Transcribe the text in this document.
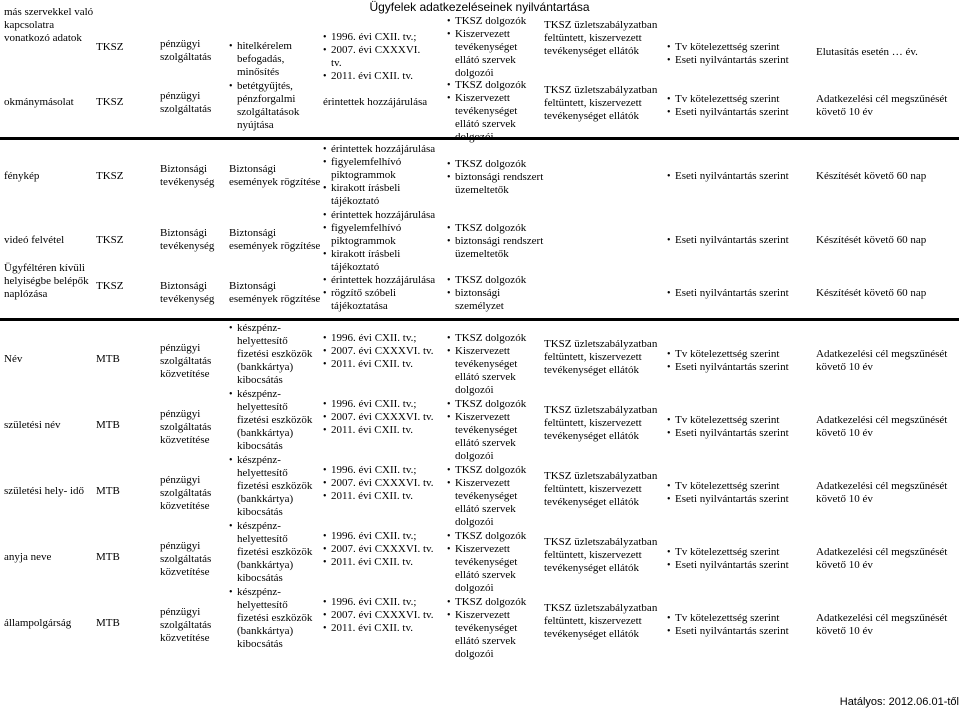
Ügyfelek adatkezeléseinek nyilvántartása
más szervekkel való kapcsolatra vonatkozó adatok
TKSZ	pénzügyi szolgáltatás
• hitelkérelem befogadás, minősítés
• 1996. évi CXII. tv.;
• 2007. évi CXXXVI. tv.
• 2011. évi CXII. tv.
• TKSZ dolgozók
• Kiszervezett tevékenységet ellátó szervek dolgozói
TKSZ üzletszabályzatban feltüntett, kiszervezett tevékenységet ellátók
•	Tv kötelezettség szerint
• Eseti nyilvántartás szerint
Elutasítás esetén … év.
okmánymásolat	TKSZ	pénzügyi szolgáltatás
• betétgyűjtés, pénzforgalmi szolgáltatások nyújtása
érintettek hozzájárulása
• TKSZ dolgozók
• Kiszervezett tevékenységet ellátó szervek dolgozói
TKSZ üzletszabályzatban feltüntett, kiszervezett tevékenységet ellátók
• Tv kötelezettség szerint
• Eseti nyilvántartás szerint
Adatkezelési cél megszűnését követő 10 év
fénykép	TKSZ
Biztonsági tevékenység
Biztonsági események rögzítése
• érintettek hozzájárulása
• figyelemfelhívó piktogrammok
• kirakott írásbeli tájékoztató
• TKSZ dolgozók
• biztonsági rendszert üzemeltetők
• Eseti nyilvántartás szerint	Készítését követő 60 nap
videó felvétel	TKSZ
Biztonsági tevékenység
Biztonsági események rögzítése
• érintettek hozzájárulása
• figyelemfelhívó piktogrammok
• kirakott írásbeli tájékoztató
• TKSZ dolgozók
• biztonsági rendszert üzemeltetők
• Eseti nyilvántartás szerint	Készítését követő 60 nap
Ügyféltéren kívüli helyiségbe belépők naplózása
TKSZ	Biztonsági tevékenység
Biztonsági események rögzítése
• érintettek hozzájárulása
• rögzítő szóbeli tájékoztatása
• TKSZ dolgozók
• biztonsági személyzet
• Eseti nyilvántartás szerint	Készítését követő 60 nap
Név	MTB
pénzügyi szolgáltatás közvetítése
• készpénz-helyettesítő fizetési eszközök (bankkártya) kibocsátás
• 1996. évi CXII. tv.;
• 2007. évi CXXXVI. tv.
• 2011. évi CXII. tv.
• TKSZ dolgozók
• Kiszervezett tevékenységet ellátó szervek dolgozói
TKSZ üzletszabályzatban feltüntett, kiszervezett tevékenységet ellátók
• Tv kötelezettség szerint
• Eseti nyilvántartás szerint
Adatkezelési cél megszűnését követő 10 év
születési név	MTB
pénzügyi szolgáltatás közvetítése
• készpénz-helyettesítő fizetési eszközök (bankkártya) kibocsátás
• 1996. évi CXII. tv.;
• 2007. évi CXXXVI. tv.
• 2011. évi CXII. tv.
• TKSZ dolgozók
• Kiszervezett tevékenységet ellátó szervek dolgozói
TKSZ üzletszabályzatban feltüntett, kiszervezett tevékenységet ellátók
• Tv kötelezettség szerint
• Eseti nyilvántartás szerint
Adatkezelési cél megszűnését követő 10 év
születési hely- idő	MTB
pénzügyi szolgáltatás közvetítése
• készpénz-helyettesítő fizetési eszközök (bankkártya) kibocsátás
• 1996. évi CXII. tv.;
• 2007. évi CXXXVI. tv.
• 2011. évi CXII. tv.
• TKSZ dolgozók
• Kiszervezett tevékenységet ellátó szervek dolgozói
TKSZ üzletszabályzatban feltüntett, kiszervezett tevékenységet ellátók
• Tv kötelezettség szerint
• Eseti nyilvántartás szerint
Adatkezelési cél megszűnését követő 10 év
anyja neve	MTB
pénzügyi szolgáltatás közvetítése
• készpénz-helyettesítő fizetési eszközök (bankkártya) kibocsátás
• 1996. évi CXII. tv.;
• 2007. évi CXXXVI. tv.
• 2011. évi CXII. tv.
• TKSZ dolgozók
• Kiszervezett tevékenységet ellátó szervek dolgozói
TKSZ üzletszabályzatban feltüntett, kiszervezett tevékenységet ellátók
• Tv kötelezettség szerint
• Eseti nyilvántartás szerint
Adatkezelési cél megszűnését követő 10 év
állampolgárság	MTB
pénzügyi szolgáltatás közvetítése
• készpénz-helyettesítő fizetési eszközök (bankkártya) kibocsátás
• 1996. évi CXII. tv.;
• 2007. évi CXXXVI. tv.
• 2011. évi CXII. tv.
• TKSZ dolgozók
• Kiszervezett tevékenységet ellátó szervek dolgozói
TKSZ üzletszabályzatban feltüntett, kiszervezett tevékenységet ellátók
• Tv kötelezettség szerint
• Eseti nyilvántartás szerint
Adatkezelési cél megszűnését követő 10 év
Hatályos: 2012.06.01-től
